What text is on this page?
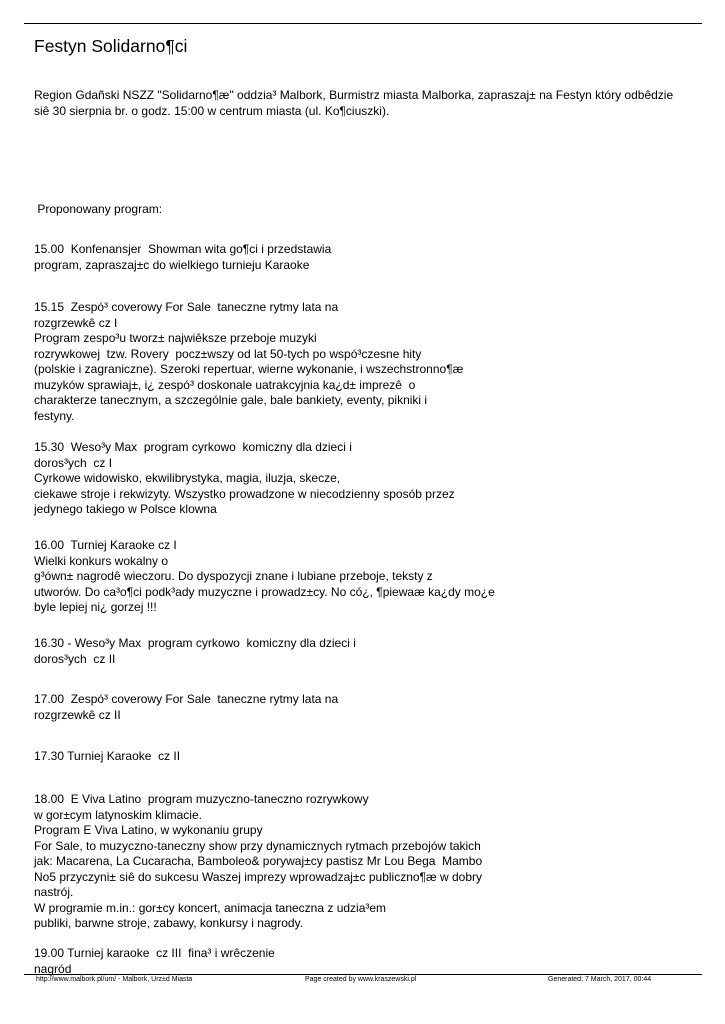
Festyn Solidarno¶ci
Region Gdañski NSZZ "Solidarno¶æ" oddzia³ Malbork, Burmistrz miasta Malborka, zapraszaj± na Festyn który odbêdzie
siê 30 sierpnia br. o godz. 15:00 w centrum miasta (ul. Ko¶ciuszki).
Proponowany program:
15.00  Konfenansjer  Showman wita go¶ci i przedstawia
program, zapraszaj±c do wielkiego turnieju Karaoke
15.15  Zespó³ coverowy For Sale  taneczne rytmy lata na
rozgrzewkê cz I
Program zespo³u tworz± najwiêksze przeboje muzyki
rozrywkowej  tzw. Rovery  pocz±wszy od lat 50-tych po wspó³czesne hity
(polskie i zagraniczne). Szeroki repertuar, wierne wykonanie, i wszechstronno¶æ
muzyków sprawiaj±, i¿ zespó³ doskonale uatrakcyjnia ka¿d± imprezê  o
charakterze tanecznym, a szczególnie gale, bale bankiety, eventy, pikniki i
festyny.
15.30  Weso³y Max  program cyrkowo  komiczny dla dzieci i
doros³ych  cz I
Cyrkowe widowisko, ekwilibrystyka, magia, iluzja, skecze,
ciekawe stroje i rekwizyty. Wszystko prowadzone w niecodzienny sposób przez
jedynego takiego w Polsce klowna
16.00  Turniej Karaoke cz I
Wielki konkurs wokalny o
g³ówn± nagrodê wieczoru. Do dyspozycji znane i lubiane przeboje, teksty z
utworów. Do ca³o¶ci podk³ady muzyczne i prowadz±cy. No có¿, ¶piewaæ ka¿dy mo¿e
byle lepiej ni¿ gorzej !!!
16.30 - Weso³y Max  program cyrkowo  komiczny dla dzieci i
doros³ych  cz II
17.00  Zespó³ coverowy For Sale  taneczne rytmy lata na
rozgrzewkê cz II
17.30 Turniej Karaoke  cz II
18.00  E Viva Latino  program muzyczno-taneczno rozrywkowy
w gor±cym latynoskim klimacie.
Program E Viva Latino, w wykonaniu grupy
For Sale, to muzyczno-taneczny show przy dynamicznych rytmach przebojów takich
jak: Macarena, La Cucaracha, Bamboleo& porywaj±cy pastisz Mr Lou Bega  Mambo
No5 przyczyni± siê do sukcesu Waszej imprezy wprowadzaj±c publiczno¶æ w dobry
nastrój.
W programie m.in.: gor±cy koncert, animacja taneczna z udzia³em
publiki, barwne stroje, zabawy, konkursy i nagrody.
19.00 Turniej karaoke  cz III  fina³ i wrêczenie
nagród
http://www.malbork.pl/um/ - Malbork, Urz±d Miasta	Page created by www.kraszewski.pl	Generated: 7 March, 2017, 00:44
